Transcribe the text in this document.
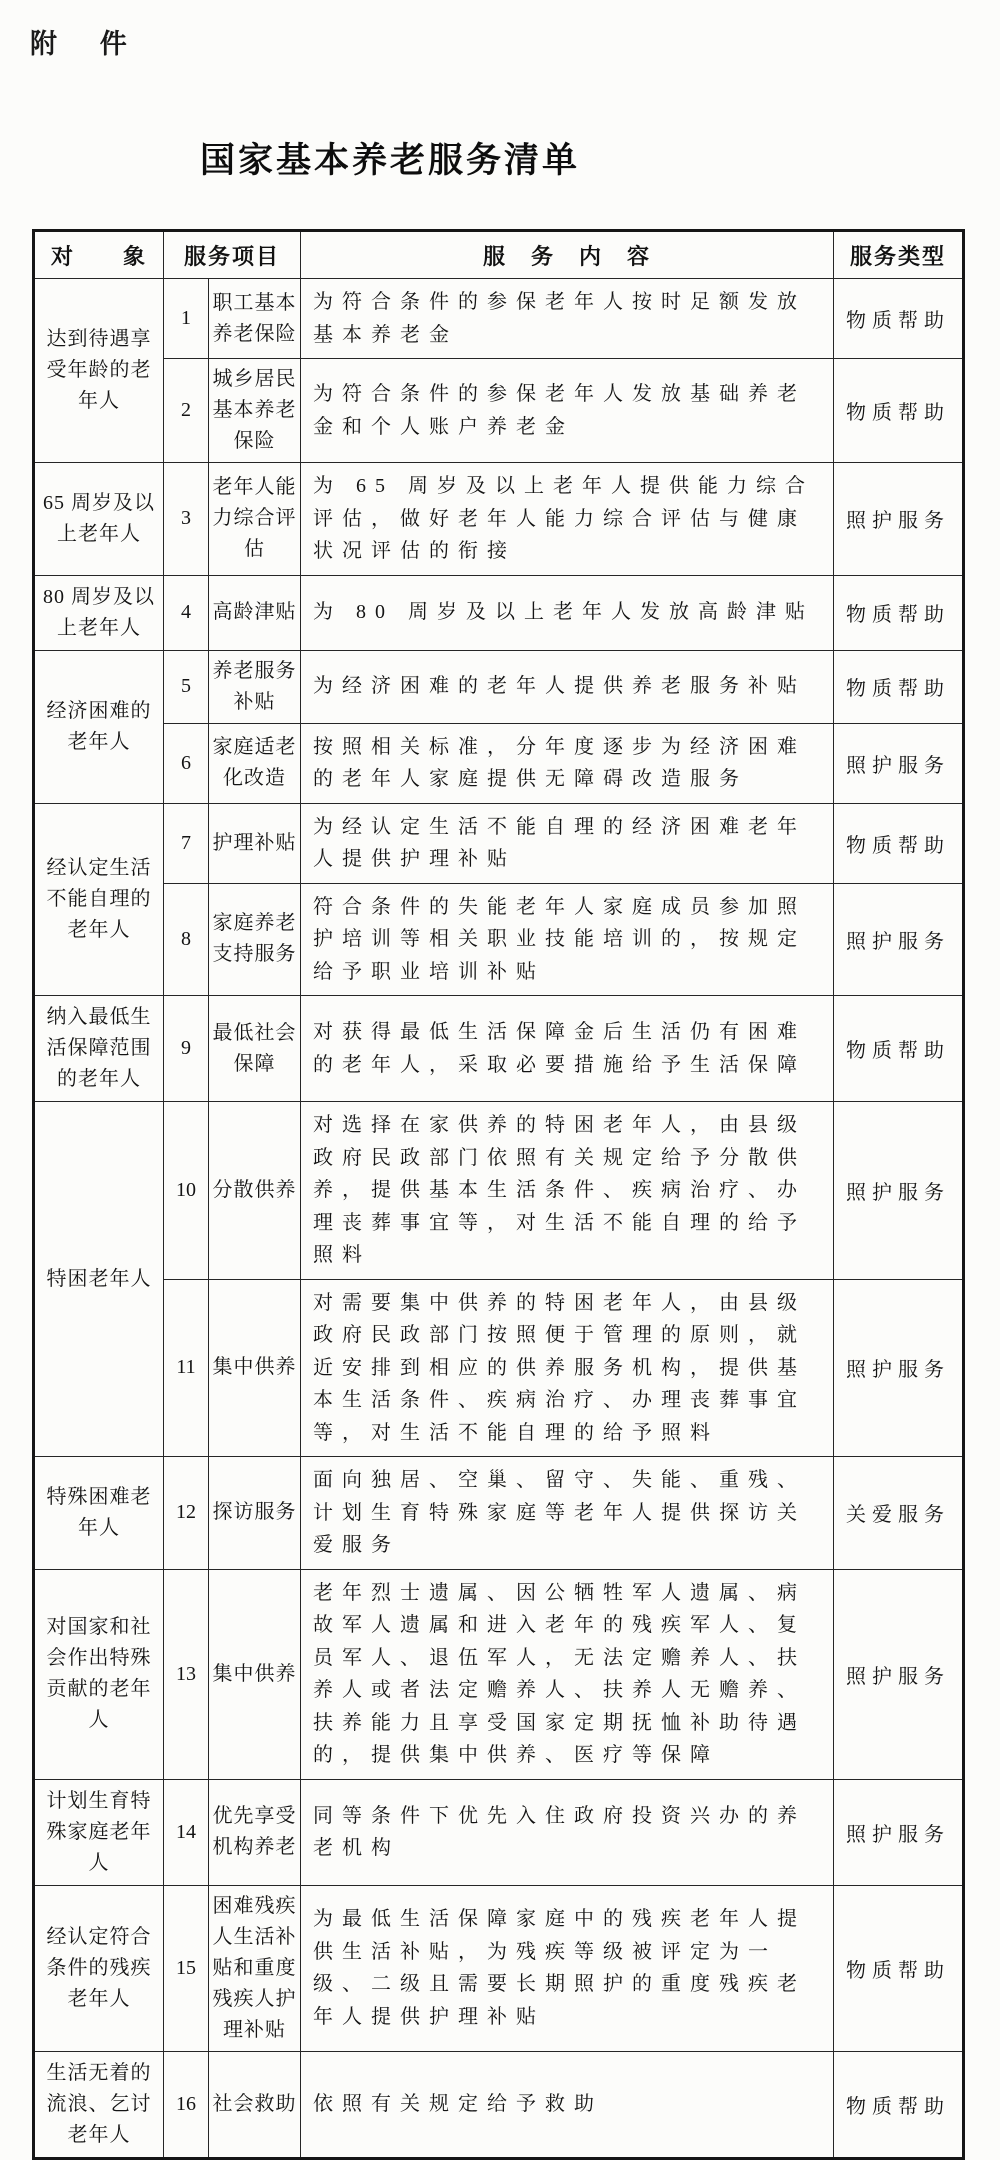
附 件
国家基本养老服务清单
对　　象	服务项目		服　务　内　容	服务类型
达到待遇享受年龄的老年人	1	职工基本养老保险	为符合条件的参保老年人按时足额发放基本养老金	物质帮助
	2	城乡居民基本养老保险	为符合条件的参保老年人发放基础养老金和个人账户养老金	物质帮助
65 周岁及以上老年人	3	老年人能力综合评估	为 65 周岁及以上老年人提供能力综合评估，做好老年人能力综合评估与健康状况评估的衔接	照护服务
80 周岁及以上老年人	4	高龄津贴	为 80 周岁及以上老年人发放高龄津贴	物质帮助
经济困难的老年人	5	养老服务补贴	为经济困难的老年人提供养老服务补贴	物质帮助
	6	家庭适老化改造	按照相关标准，分年度逐步为经济困难的老年人家庭提供无障碍改造服务	照护服务
经认定生活不能自理的老年人	7	护理补贴	为经认定生活不能自理的经济困难老年人提供护理补贴	物质帮助
	8	家庭养老支持服务	符合条件的失能老年人家庭成员参加照护培训等相关职业技能培训的，按规定给予职业培训补贴	照护服务
纳入最低生活保障范围的老年人	9	最低社会保障	对获得最低生活保障金后生活仍有困难的老年人，采取必要措施给予生活保障	物质帮助
特困老年人	10	分散供养	对选择在家供养的特困老年人，由县级政府民政部门依照有关规定给予分散供养，提供基本生活条件、疾病治疗、办理丧葬事宜等，对生活不能自理的给予照料	照护服务
	11	集中供养	对需要集中供养的特困老年人，由县级政府民政部门按照便于管理的原则，就近安排到相应的供养服务机构，提供基本生活条件、疾病治疗、办理丧葬事宜等，对生活不能自理的给予照料	照护服务
特殊困难老年人	12	探访服务	面向独居、空巢、留守、失能、重残、计划生育特殊家庭等老年人提供探访关爱服务	关爱服务
对国家和社会作出特殊贡献的老年人	13	集中供养	老年烈士遗属、因公牺牲军人遗属、病故军人遗属和进入老年的残疾军人、复员军人、退伍军人，无法定赡养人、扶养人或者法定赡养人、扶养人无赡养、扶养能力且享受国家定期抚恤补助待遇的，提供集中供养、医疗等保障	照护服务
计划生育特殊家庭老年人	14	优先享受机构养老	同等条件下优先入住政府投资兴办的养老机构	照护服务
经认定符合条件的残疾老年人	15	困难残疾人生活补贴和重度残疾人护理补贴	为最低生活保障家庭中的残疾老年人提供生活补贴，为残疾等级被评定为一级、二级且需要长期照护的重度残疾老年人提供护理补贴	物质帮助
生活无着的流浪、乞讨老年人	16	社会救助	依照有关规定给予救助	物质帮助
